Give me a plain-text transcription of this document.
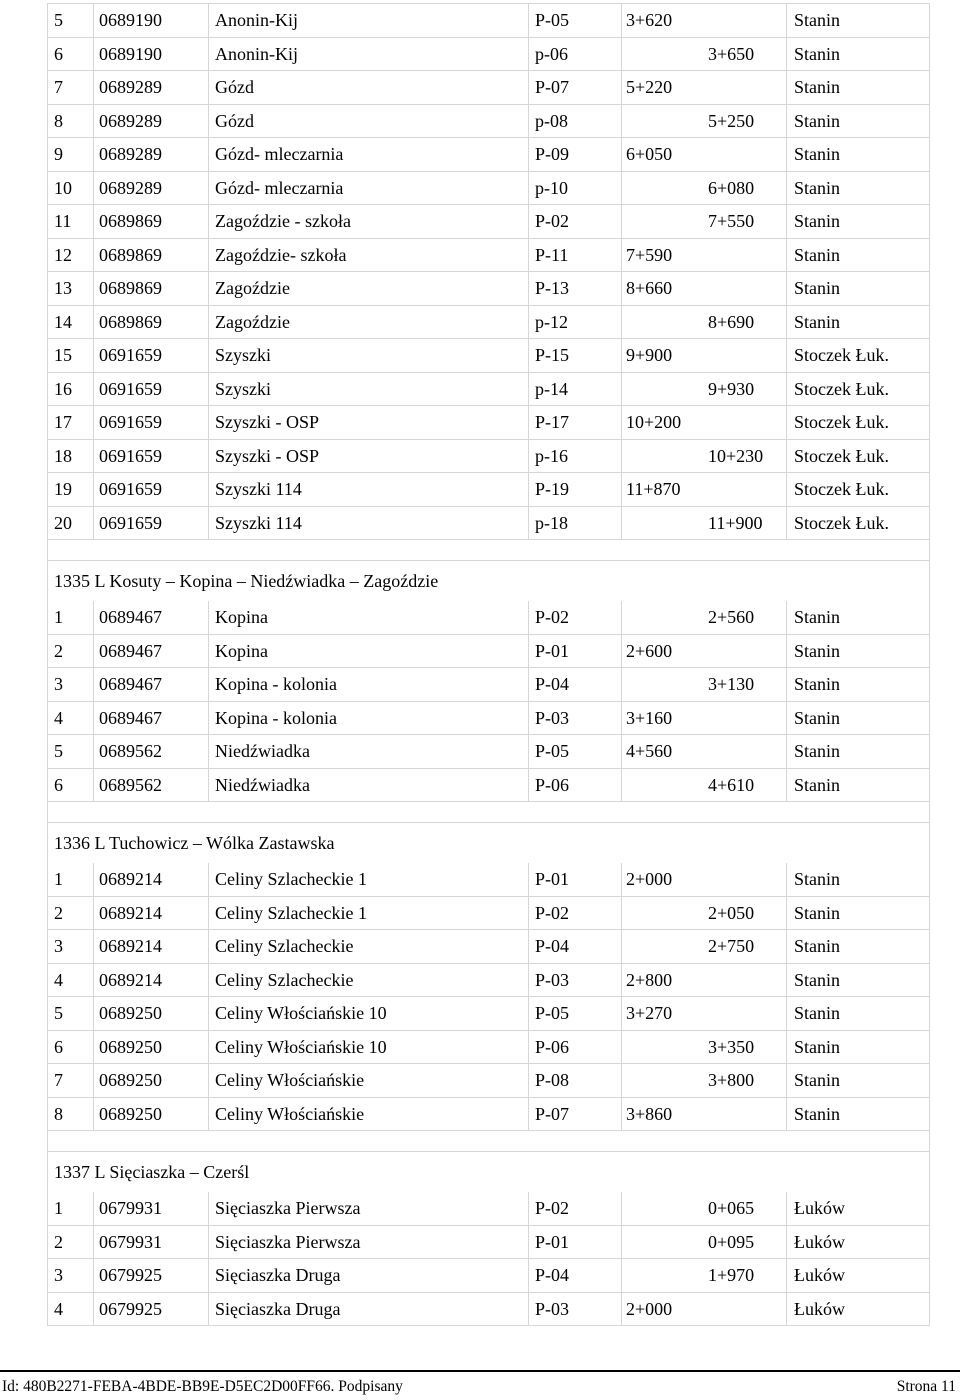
5	0689190	Anonin-Kij	P-05	3+620	Stanin
6	0689190	Anonin-Kij	p-06	3+650	Stanin
7	0689289	Gózd	P-07	5+220	Stanin
8	0689289	Gózd	p-08	5+250	Stanin
9	0689289	Gózd- mleczarnia	P-09	6+050	Stanin
10	0689289	Gózd- mleczarnia	p-10	6+080	Stanin
11	0689869	Zagoździe - szkoła	P-02	7+550	Stanin
12	0689869	Zagoździe- szkoła	P-11	7+590	Stanin
13	0689869	Zagoździe	P-13	8+660	Stanin
14	0689869	Zagoździe	p-12	8+690	Stanin
15	0691659	Szyszki	P-15	9+900	Stoczek Łuk.
16	0691659	Szyszki	p-14	9+930	Stoczek Łuk.
17	0691659	Szyszki - OSP	P-17	10+200	Stoczek Łuk.
18	0691659	Szyszki - OSP	p-16	10+230	Stoczek Łuk.
19	0691659	Szyszki 114	P-19	11+870	Stoczek Łuk.
20	0691659	Szyszki 114	p-18	11+900	Stoczek Łuk.

1335 L Kosuty – Kopina – Niedźwiadka – Zagoździe					
1	0689467	Kopina	P-02	2+560	Stanin
2	0689467	Kopina	P-01	2+600	Stanin
3	0689467	Kopina - kolonia	P-04	3+130	Stanin
4	0689467	Kopina - kolonia	P-03	3+160	Stanin
5	0689562	Niedźwiadka	P-05	4+560	Stanin
6	0689562	Niedźwiadka	P-06	4+610	Stanin

1336 L Tuchowicz – Wólka Zastawska					
1	0689214	Celiny Szlacheckie 1	P-01	2+000	Stanin
2	0689214	Celiny Szlacheckie 1	P-02	2+050	Stanin
3	0689214	Celiny Szlacheckie	P-04	2+750	Stanin
4	0689214	Celiny Szlacheckie	P-03	2+800	Stanin
5	0689250	Celiny Włościańskie 10	P-05	3+270	Stanin
6	0689250	Celiny Włościańskie 10	P-06	3+350	Stanin
7	0689250	Celiny Włościańskie	P-08	3+800	Stanin
8	0689250	Celiny Włościańskie	P-07	3+860	Stanin

1337 L Sięciaszka – Czerśl					
1	0679931	Sięciaszka Pierwsza	P-02	0+065	Łuków
2	0679931	Sięciaszka Pierwsza	P-01	0+095	Łuków
3	0679925	Sięciaszka Druga	P-04	1+970	Łuków
4	0679925	Sięciaszka Druga	P-03	2+000	Łuków
Id: 480B2271-FEBA-4BDE-BB9E-D5EC2D00FF66. Podpisany	Strona 11
